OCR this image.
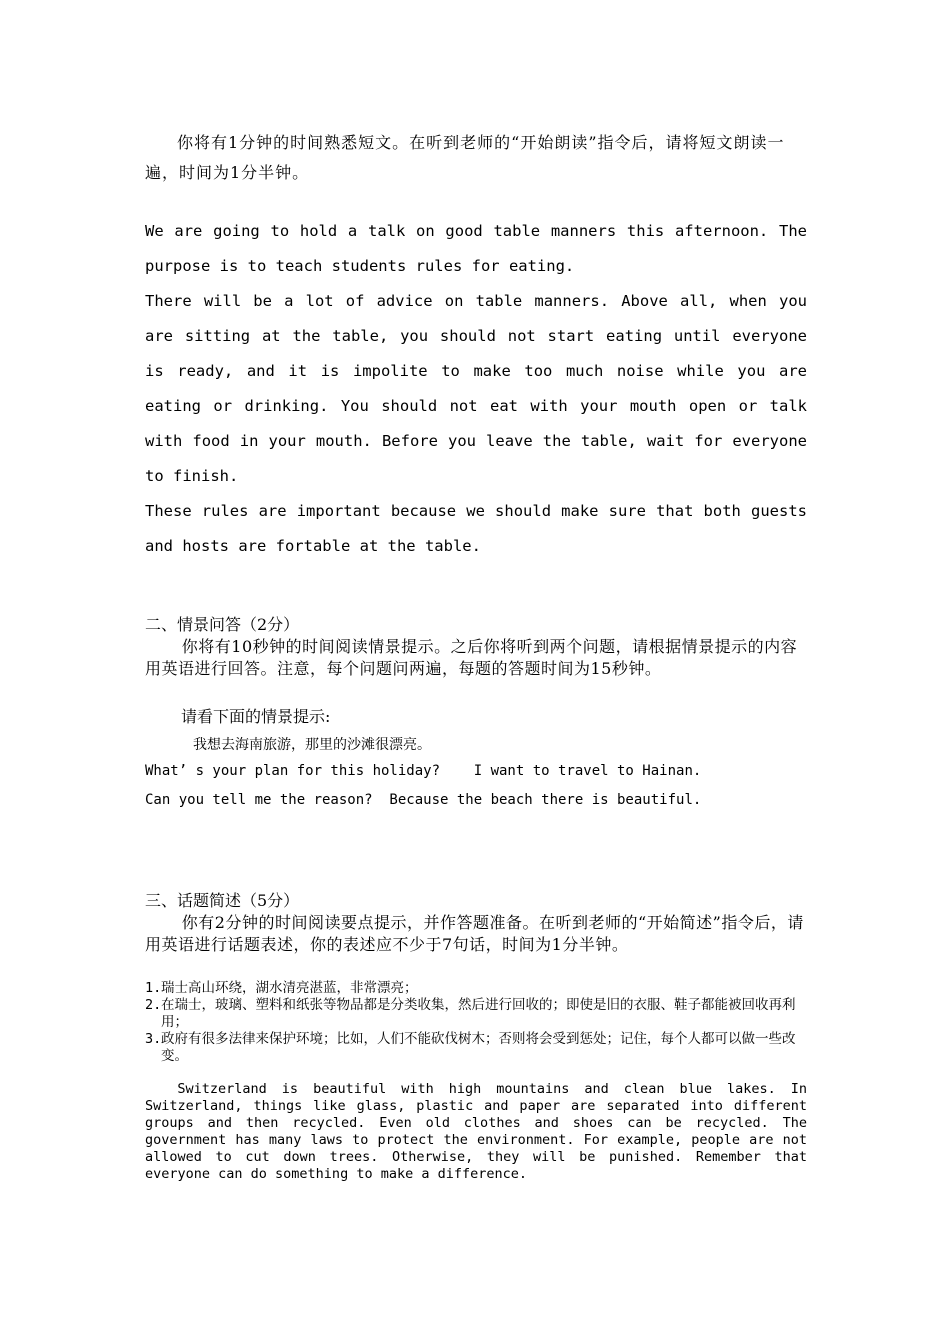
你将有1分钟的时间熟悉短文。在听到老师的“开始朗读”指令后，请将短文朗读一遍，时间为1分半钟。

We are going to hold a talk on good table manners this afternoon. The purpose is to teach students rules for eating.

There will be a lot of advice on table manners. Above all, when you are sitting at the table, you should not start eating until everyone is ready, and it is impolite to make too much noise while you are eating or drinking. You should not eat with your mouth open or talk with food in your mouth. Before you leave the table, wait for everyone to finish.

These rules are important because we should make sure that both guests and hosts are fortable at the table.

二、情景问答（2分）

你将有10秒钟的时间阅读情景提示。之后你将听到两个问题，请根据情景提示的内容用英语进行回答。注意，每个问题问两遍，每题的答题时间为15秒钟。

请看下面的情景提示:

我想去海南旅游，那里的沙滩很漂亮。

What’ s your plan for this holiday?    I want to travel to Hainan.

Can you tell me the reason?  Because the beach there is beautiful.

三、话题简述（5分）

你有2分钟的时间阅读要点提示，并作答题准备。在听到老师的“开始简述”指令后，请用英语进行话题表述，你的表述应不少于7句话，时间为1分半钟。

1. 瑞士高山环绕，湖水清亮湛蓝，非常漂亮；
2. 在瑞士，玻璃、塑料和纸张等物品都是分类收集，然后进行回收的；即使是旧的衣服、鞋子都能被回收再利用；
3. 政府有很多法律来保护环境；比如，人们不能砍伐树木；否则将会受到惩处；记住，每个人都可以做一些改变。

Switzerland is beautiful with high mountains and clean blue lakes. In Switzerland, things like glass, plastic and paper are separated into different groups and then recycled. Even old clothes and shoes can be recycled. The government has many laws to protect the environment. For example, people are not allowed to cut down trees. Otherwise, they will be punished. Remember that everyone can do something to make a difference.
